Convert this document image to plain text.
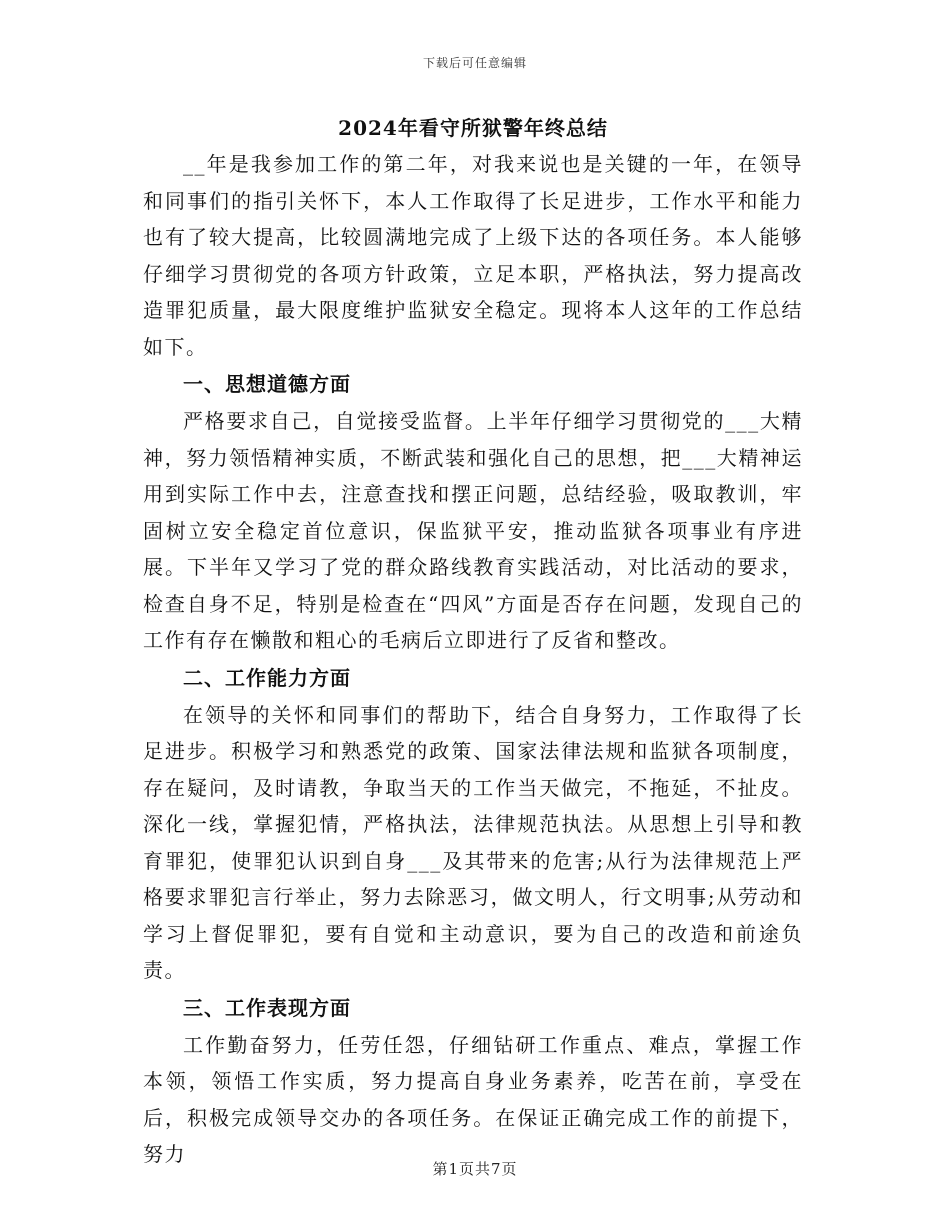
下载后可任意编辑
2024年看守所狱警年终总结

__年是我参加工作的第二年，对我来说也是关键的一年，在领导和同事们的指引关怀下，本人工作取得了长足进步，工作水平和能力也有了较大提高，比较圆满地完成了上级下达的各项任务。本人能够仔细学习贯彻党的各项方针政策，立足本职，严格执法，努力提高改造罪犯质量，最大限度维护监狱安全稳定。现将本人这年的工作总结如下。

一、思想道德方面

严格要求自己，自觉接受监督。上半年仔细学习贯彻党的___大精神，努力领悟精神实质，不断武装和强化自己的思想，把___大精神运用到实际工作中去，注意查找和摆正问题，总结经验，吸取教训，牢固树立安全稳定首位意识，保监狱平安，推动监狱各项事业有序进展。下半年又学习了党的群众路线教育实践活动，对比活动的要求，检查自身不足，特别是检查在“四风”方面是否存在问题，发现自己的工作有存在懒散和粗心的毛病后立即进行了反省和整改。

二、工作能力方面

在领导的关怀和同事们的帮助下，结合自身努力，工作取得了长足进步。积极学习和熟悉党的政策、国家法律法规和监狱各项制度，存在疑问，及时请教，争取当天的工作当天做完，不拖延，不扯皮。深化一线，掌握犯情，严格执法，法律规范执法。从思想上引导和教育罪犯，使罪犯认识到自身___及其带来的危害;从行为法律规范上严格要求罪犯言行举止，努力去除恶习，做文明人，行文明事;从劳动和学习上督促罪犯，要有自觉和主动意识，要为自己的改造和前途负责。

三、工作表现方面

工作勤奋努力，任劳任怨，仔细钻研工作重点、难点，掌握工作本领，领悟工作实质，努力提高自身业务素养，吃苦在前，享受在后，积极完成领导交办的各项任务。在保证正确完成工作的前提下，努力

第1页共7页
